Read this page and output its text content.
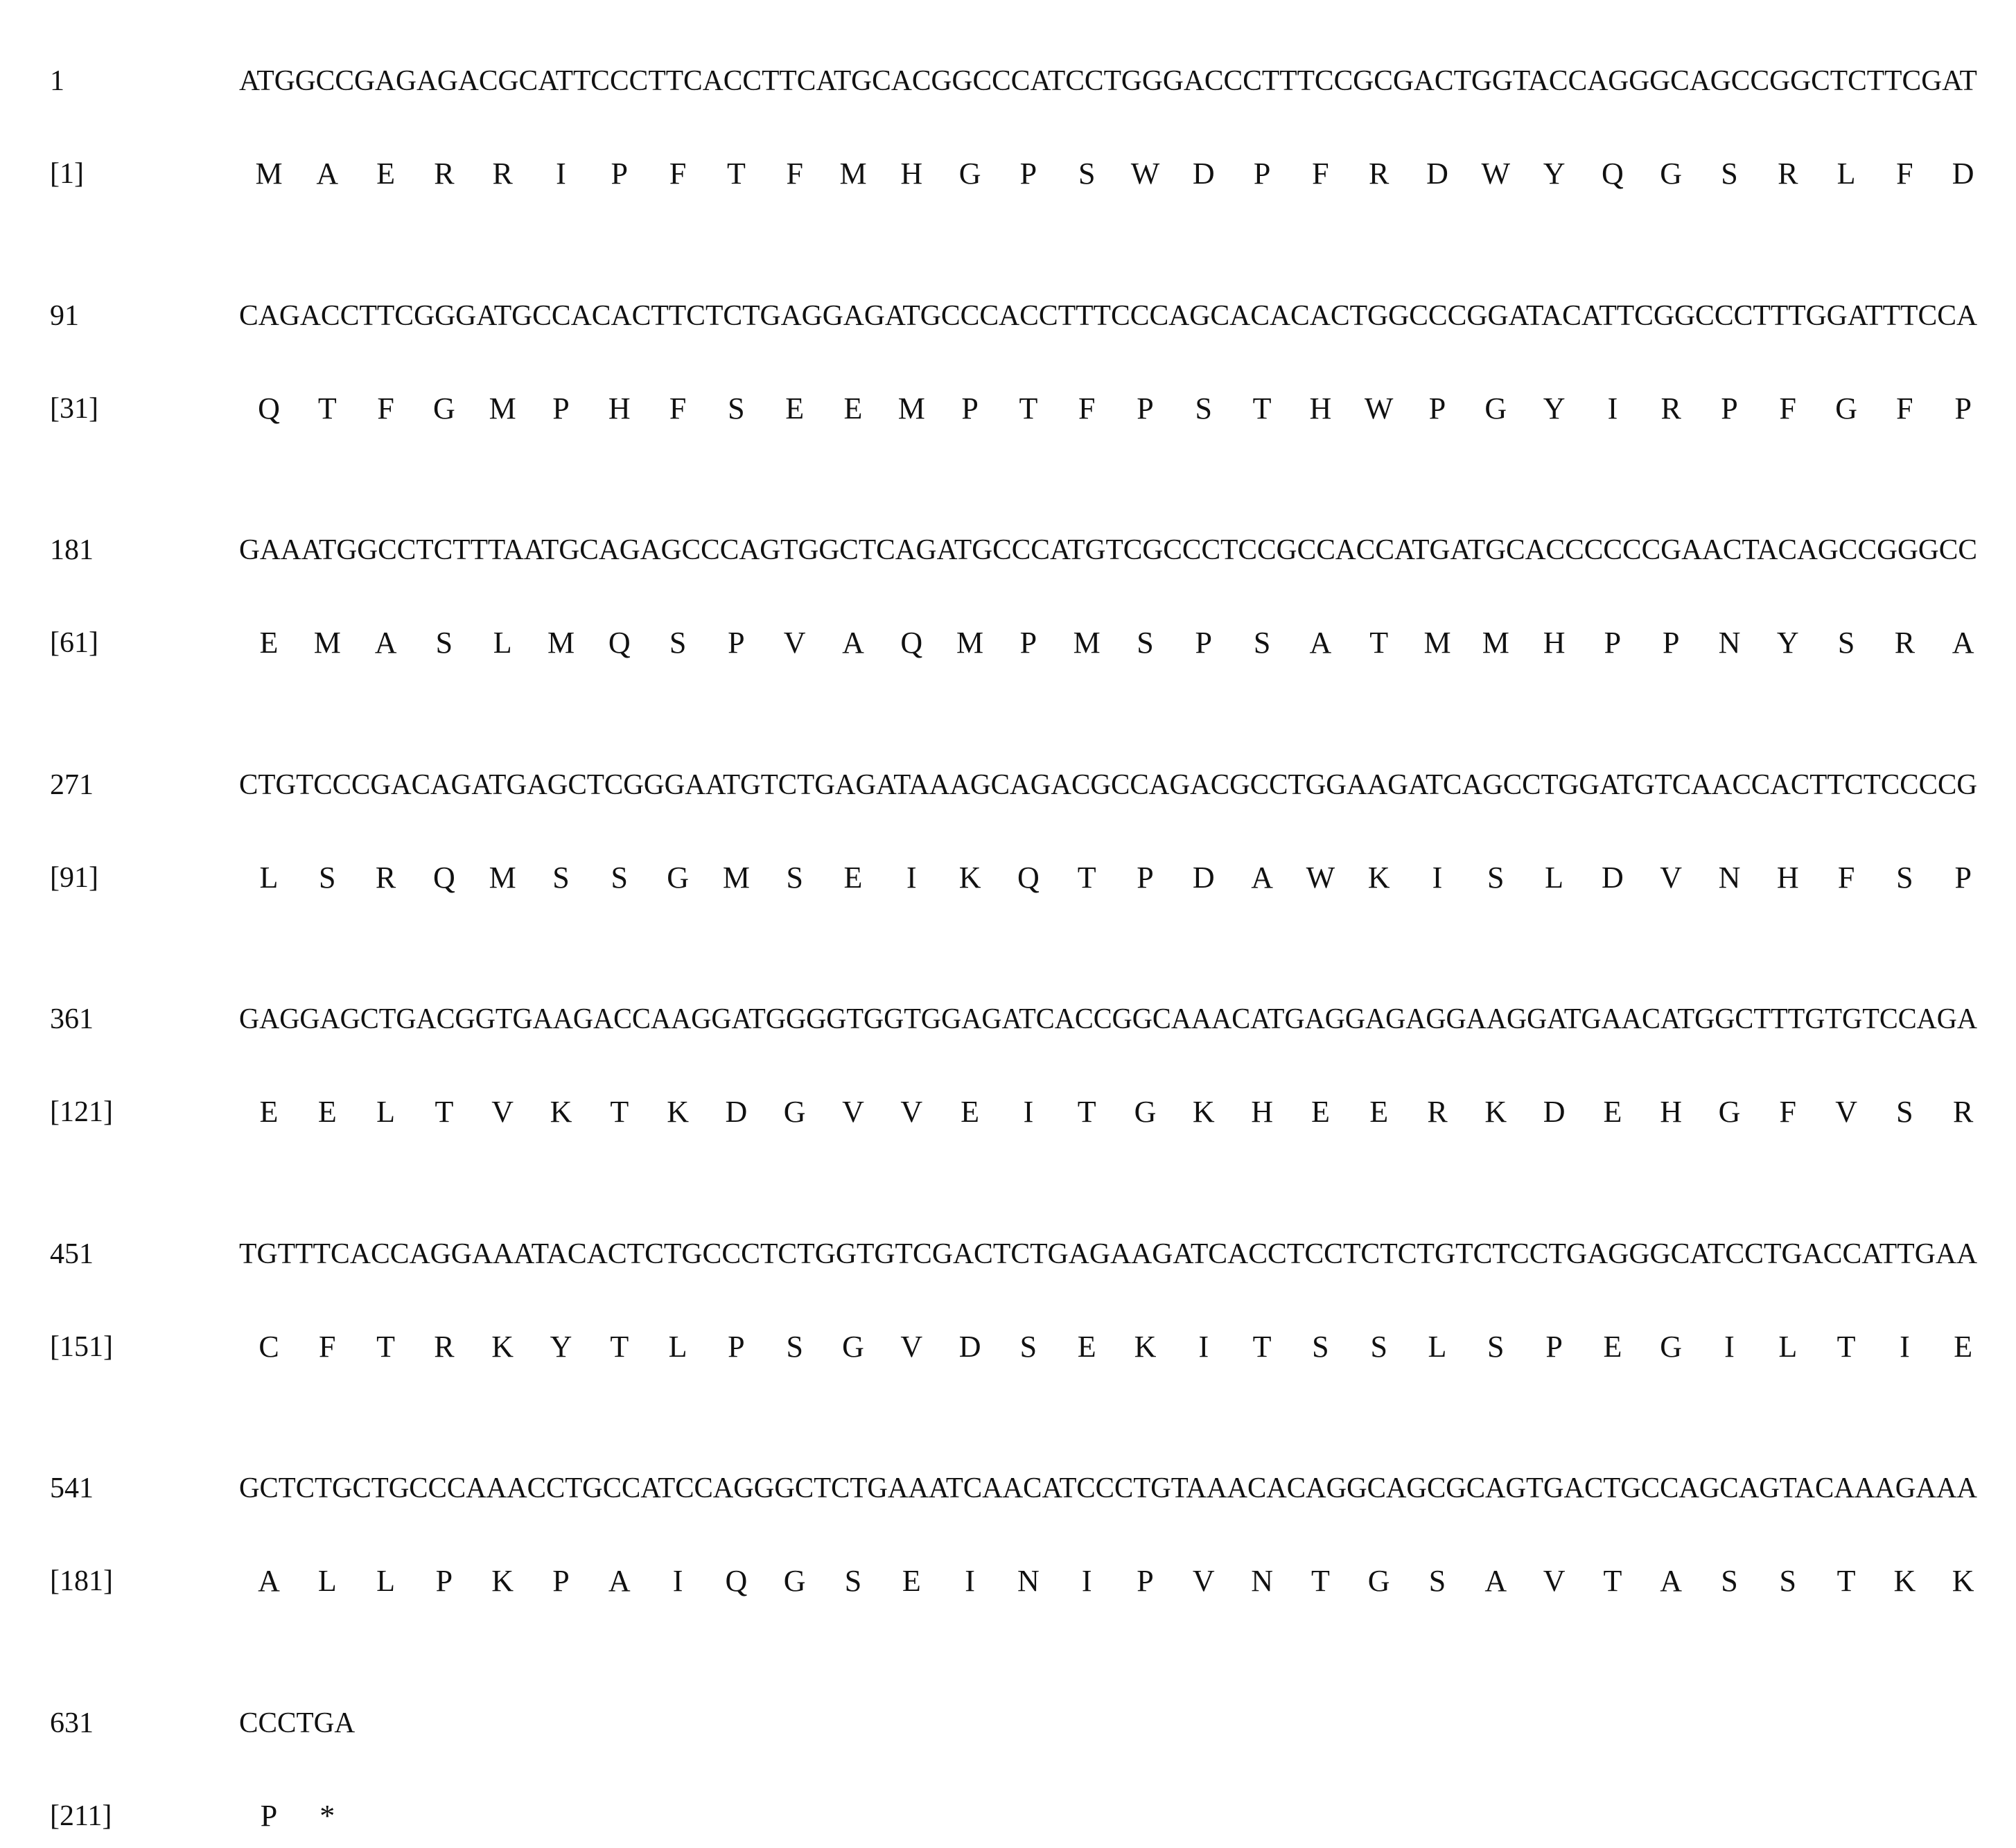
1	ATGGCCGAGAGACGCATTCCCTTCACCTTCATGCACGGCCCATCCTGGGACCCTTTCCGCGACTGGTACCAGGGCAGCCGGCTCTTCGAT
[1]	M	A	E	R	R	I	P	F	T	F	M	H	G	P	S	W	D	P	F	R	D	W	Y	Q	G	S	R	L	F	D
91	CAGACCTTCGGGATGCCACACTTCTCTGAGGAGATGCCCACCTTTCCCAGCACACACTGGCCCGGATACATTCGGCCCTTTGGATTTCCA
[31]	Q	T	F	G	M	P	H	F	S	E	E	M	P	T	F	P	S	T	H	W	P	G	Y	I	R	P	F	G	F	P
181	GAAATGGCCTCTTTAATGCAGAGCCCAGTGGCTCAGATGCCCATGTCGCCCTCCGCCACCATGATGCACCCCCCGAACTACAGCCGGGCC
[61]	E	M	A	S	L	M	Q	S	P	V	A	Q	M	P	M	S	P	S	A	T	M	M	H	P	P	N	Y	S	R	A
271	CTGTCCCGACAGATGAGCTCGGGAATGTCTGAGATAAAGCAGACGCCAGACGCCTGGAAGATCAGCCTGGATGTCAACCACTTCTCCCCG
[91]	L	S	R	Q	M	S	S	G	M	S	E	I	K	Q	T	P	D	A	W	K	I	S	L	D	V	N	H	F	S	P
361	GAGGAGCTGACGGTGAAGACCAAGGATGGGGTGGTGGAGATCACCGGCAAACATGAGGAGAGGAAGGATGAACATGGCTTTGTGTCCAGA
[121]	E	E	L	T	V	K	T	K	D	G	V	V	E	I	T	G	K	H	E	E	R	K	D	E	H	G	F	V	S	R
451	TGTTTCACCAGGAAATACACTCTGCCCTCTGGTGTCGACTCTGAGAAGATCACCTCCTCTCTGTCTCCTGAGGGCATCCTGACCATTGAA
[151]	C	F	T	R	K	Y	T	L	P	S	G	V	D	S	E	K	I	T	S	S	L	S	P	E	G	I	L	T	I	E
541	GCTCTGCTGCCCAAACCTGCCATCCAGGGCTCTGAAATCAACATCCCTGTAAACACAGGCAGCGCAGTGACTGCCAGCAGTACAAAGAAA
[181]	A	L	L	P	K	P	A	I	Q	G	S	E	I	N	I	P	V	N	T	G	S	A	V	T	A	S	S	T	K	K
631	CCCTGA
[211]	P	*
